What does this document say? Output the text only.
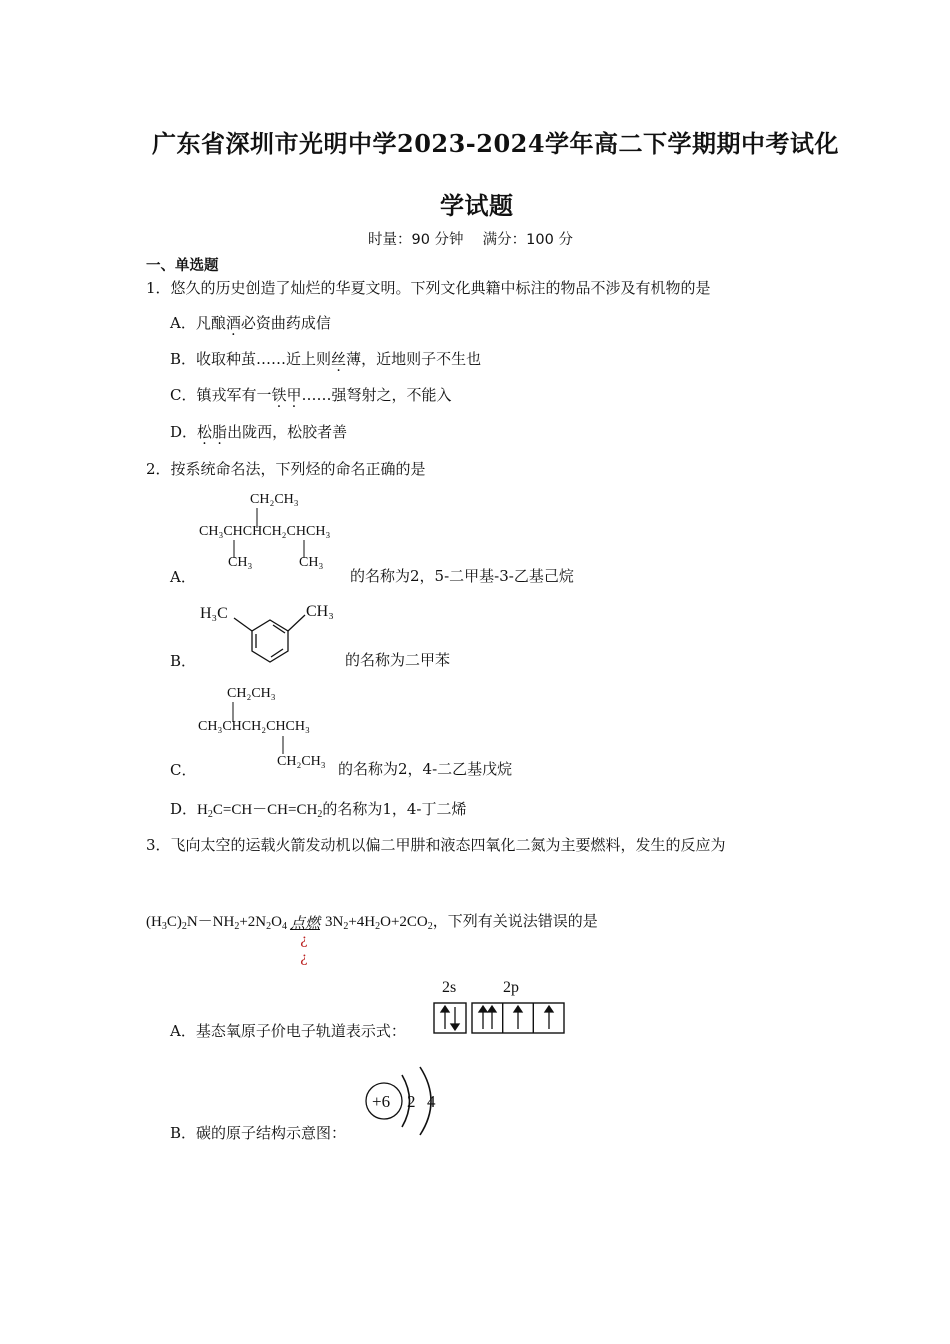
广东省深圳市光明中学2023-2024学年高二下学期期中考试化
学试题
时量：90 分钟　 满分：100 分
一、单选题
1．悠久的历史创造了灿烂的华夏文明。下列文化典籍中标注的物品不涉及有机物的是
A．凡酿酒必资曲药成信
B．收取种茧……近上则丝薄，近地则子不生也
C．镇戎军有一铁甲……强弩射之，不能入
D．松脂出陇西，松胶者善
2．按系统命名法，下列烃的命名正确的是
CH₂CH₃
CH₃CHCHCH₂CHCH₃
CH₃	CH₃
A．	的名称为2，5-二甲基-3-乙基己烷
H₃C	CH₃
B．	的名称为二甲苯
CH₂CH₃
CH₃CHCH₂CHCH₃
CH₂CH₃
C．	的名称为2，4-二乙基戊烷
D．$H_2C=CH-CH=CH_2$的名称为1，4-丁二烯
3．飞向太空的运载火箭发动机以偏二甲肼和液态四氧化二氮为主要燃料，发生的反应为
$(H_3C)_2N-NH_2+2N_2O_4$ 点燃
¿
¿
$3N_2+4H_2O+2CO_2$，下列有关说法错误的是
2s	2p
A．基态氧原子价电子轨道表示式：
+6 2 4
B．碳的原子结构示意图：
